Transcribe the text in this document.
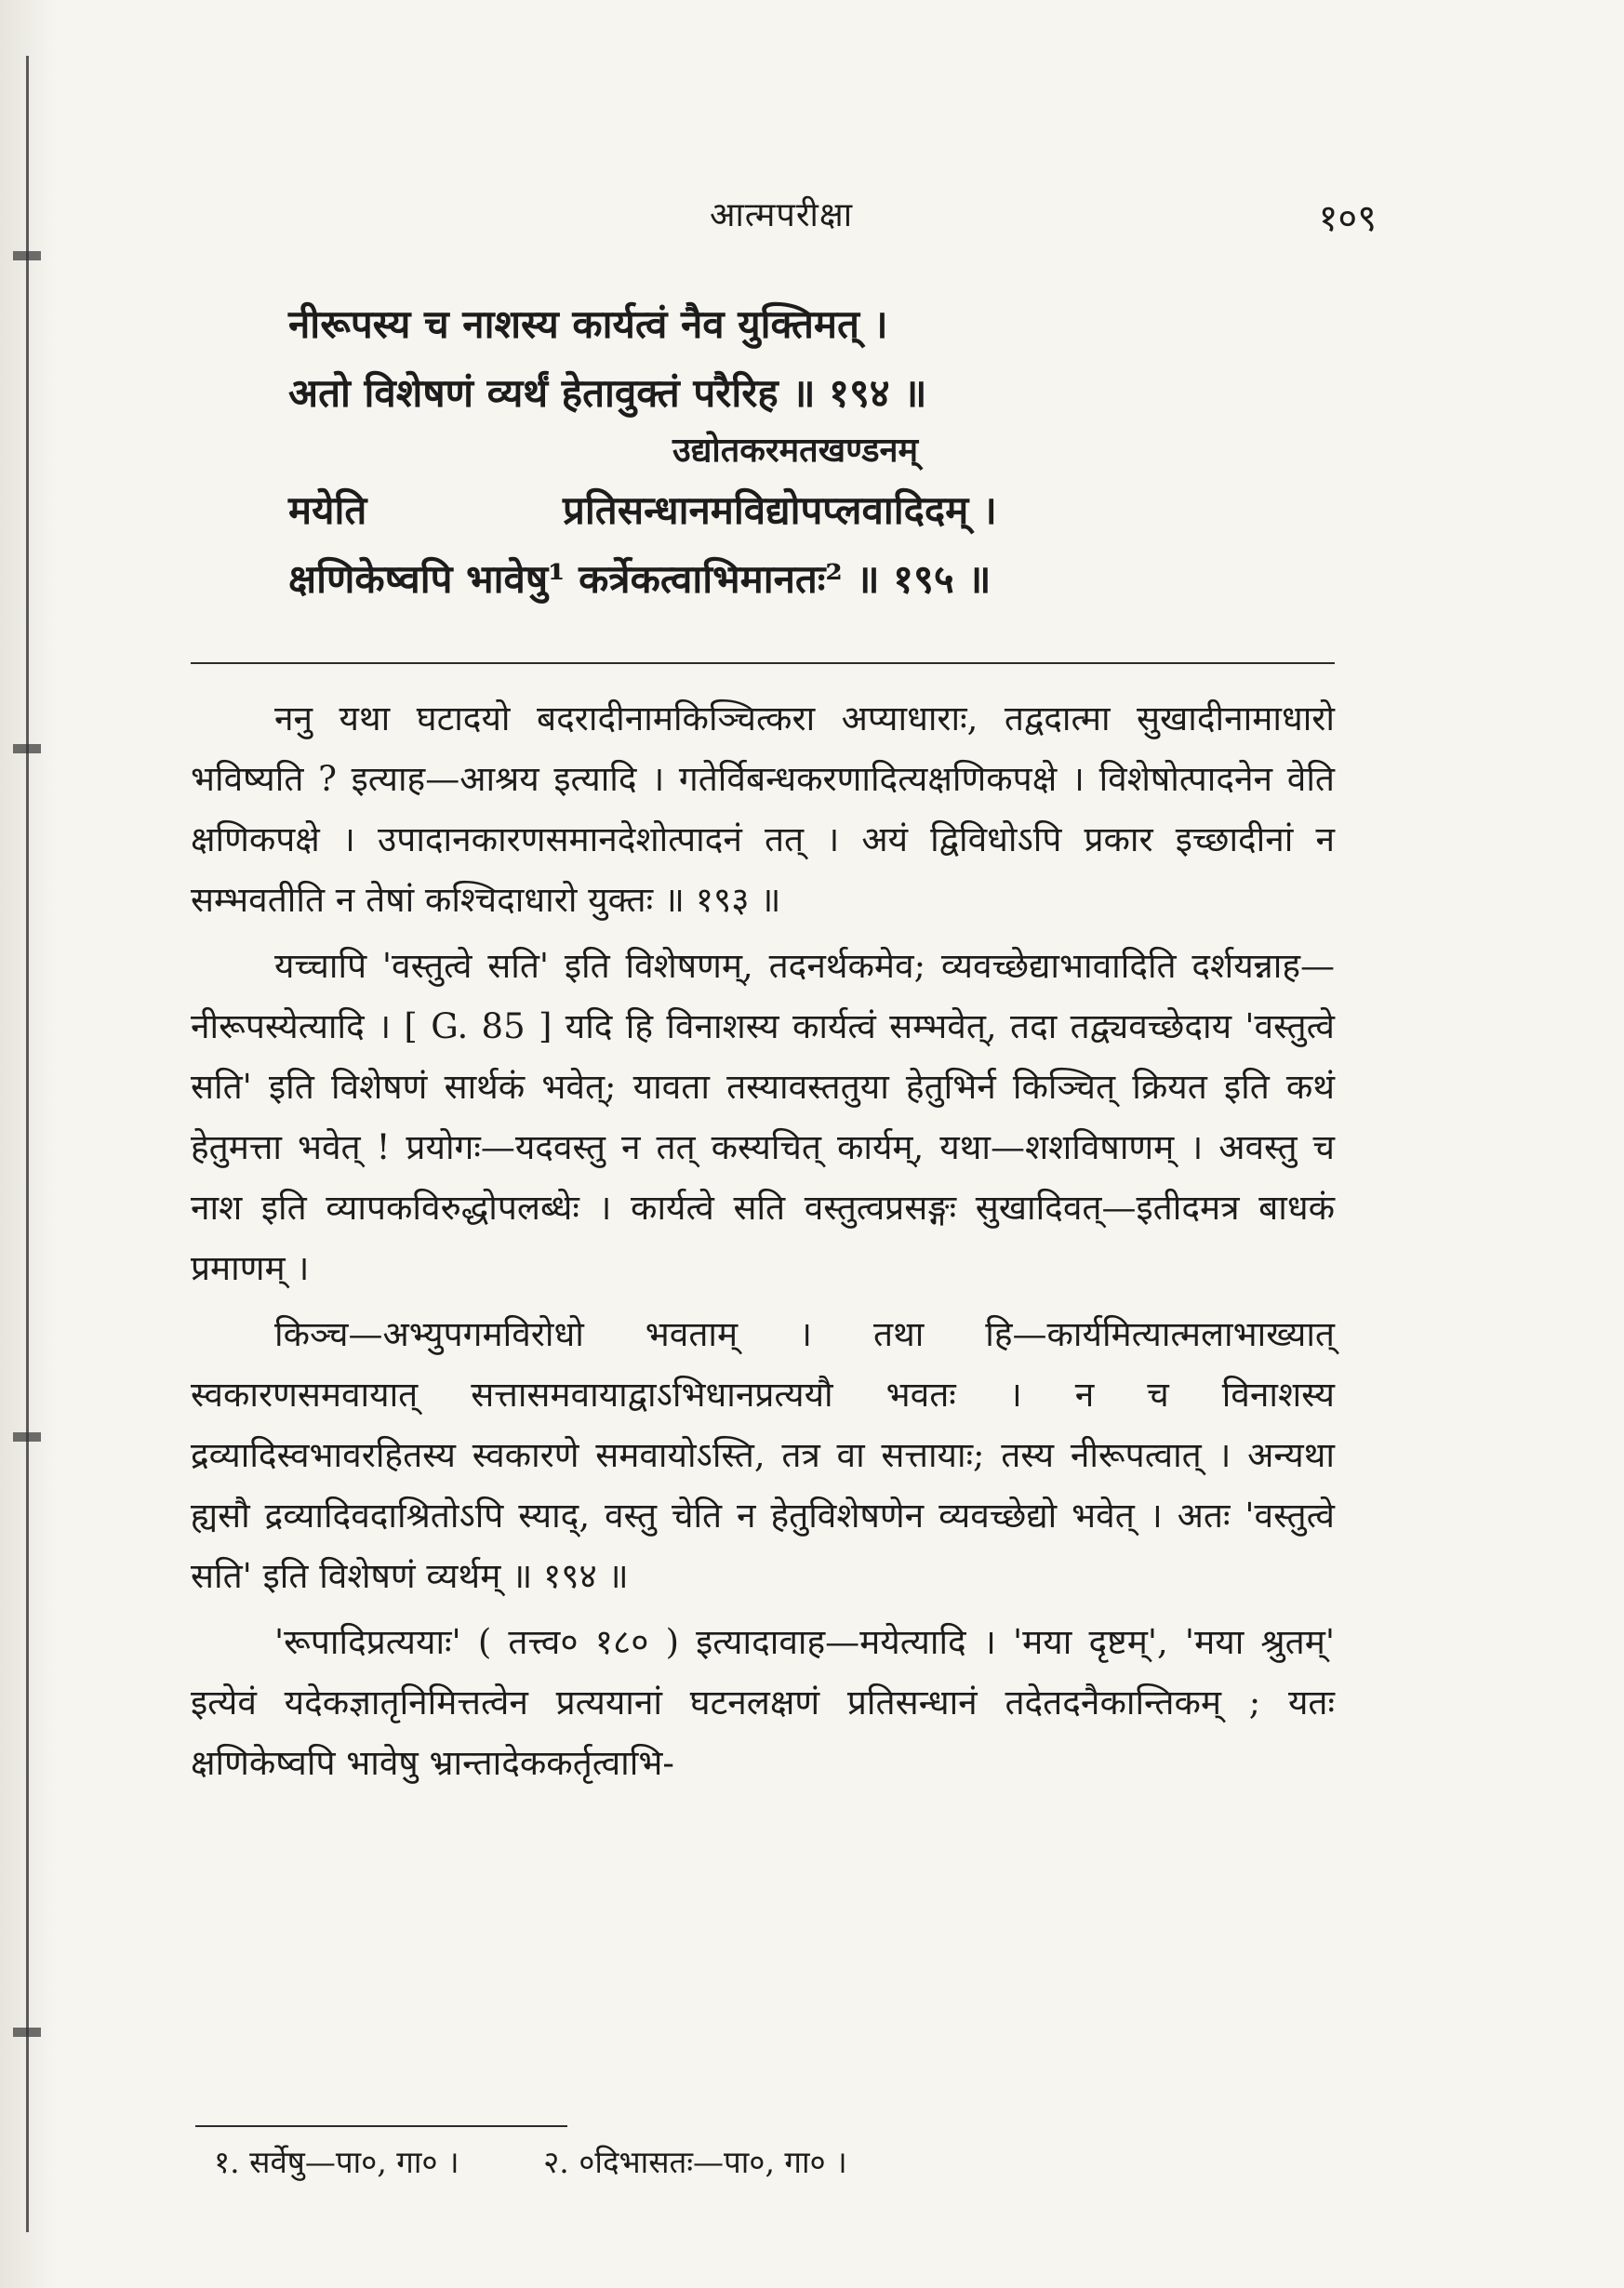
आत्मपरीक्षा	१०९
नीरूपस्य च नाशस्य कार्यत्वं नैव युक्तिमत् ।
अतो विशेषणं व्यर्थं हेतावुक्तं परैरिह ॥ १९४ ॥
उद्योतकरमतखण्डनम्
मयेति	प्रतिसन्धानमविद्योपप्लवादिदम् ।
क्षणिकेष्वपि भावेषु¹ कर्त्रेकत्वाभिमानतः² ॥ १९५ ॥

ननु यथा घटादयो बदरादीनामकिञ्चित्करा अप्याधाराः, तद्वदात्मा सुखादीनामाधारो भविष्यति ? इत्याह—आश्रय इत्यादि । गतेर्विबन्धकरणादित्यक्षणिकपक्षे । विशेषोत्पादनेन वेति क्षणिकपक्षे । उपादानकारणसमानदेशोत्पादनं तत् । अयं द्विविधोऽपि प्रकार इच्छादीनां न सम्भवतीति न तेषां कश्चिदाधारो युक्तः ॥ १९३ ॥

यच्चापि 'वस्तुत्वे सति' इति विशेषणम्, तदनर्थकमेव; व्यवच्छेद्याभावादिति दर्शयन्नाह—नीरूपस्येत्यादि । [ G. 85 ] यदि हि विनाशस्य कार्यत्वं सम्भवेत्, तदा तद्व्यवच्छेदाय 'वस्तुत्वे सति' इति विशेषणं सार्थकं भवेत्; यावता तस्यावस्ततुया हेतुभिर्न किञ्चित् क्रियत इति कथं हेतुमत्ता भवेत् ! प्रयोगः—यदवस्तु न तत् कस्यचित् कार्यम्, यथा—शशविषाणम् । अवस्तु च नाश इति व्यापकविरुद्धोपलब्धेः । कार्यत्वे सति वस्तुत्वप्रसङ्गः सुखादिवत्—इतीदमत्र बाधकं प्रमाणम् ।

किञ्च—अभ्युपगमविरोधो भवताम् । तथा हि—कार्यमित्यात्मलाभाख्यात् स्वकारणसमवायात् सत्तासमवायाद्वाऽभिधानप्रत्ययौ भवतः । न च विनाशस्य द्रव्यादिस्वभावरहितस्य स्वकारणे समवायोऽस्ति, तत्र वा सत्तायाः; तस्य नीरूपत्वात् । अन्यथा ह्यसौ द्रव्यादिवदाश्रितोऽपि स्याद्, वस्तु चेति न हेतुविशेषणेन व्यवच्छेद्यो भवेत् । अतः 'वस्तुत्वे सति' इति विशेषणं व्यर्थम् ॥ १९४ ॥

'रूपादिप्रत्ययाः' ( तत्त्व० १८० ) इत्यादावाह—मयेत्यादि । 'मया दृष्टम्', 'मया श्रुतम्' इत्येवं यदेकज्ञातृनिमित्तत्वेन प्रत्ययानां घटनलक्षणं प्रतिसन्धानं तदेतदनैकान्तिकम् ; यतः क्षणिकेष्वपि भावेषु भ्रान्तादेककर्तृत्वाभि-

१. सर्वेषु—पा०, गा० ।	२. ०दिभासतः—पा०, गा० ।
